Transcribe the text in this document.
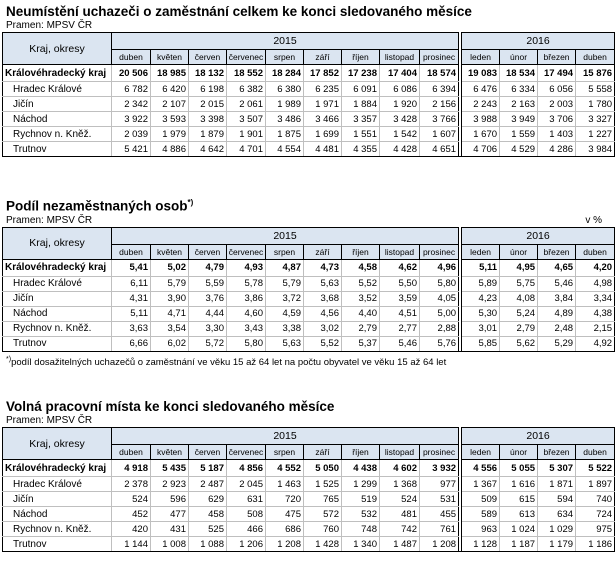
Neumístění uchazeči o zaměstnání celkem ke konci sledovaného měsíce
Pramen: MPSV ČR
Kraj, okresy	2015										2016			
	duben	květen	červen	červenec	srpen	září	říjen	listopad	prosinec		leden	únor	březen	duben
Královéhradecký kraj	20 506	18 985	18 132	18 552	18 284	17 852	17 238	17 404	18 574		19 083	18 534	17 494	15 876
Hradec Králové	6 782	6 420	6 198	6 382	6 380	6 235	6 091	6 086	6 394		6 476	6 334	6 056	5 558
Jičín	2 342	2 107	2 015	2 061	1 989	1 971	1 884	1 920	2 156		2 243	2 163	2 003	1 780
Náchod	3 922	3 593	3 398	3 507	3 486	3 466	3 357	3 428	3 766		3 988	3 949	3 706	3 327
Rychnov n. Kněž.	2 039	1 979	1 879	1 901	1 875	1 699	1 551	1 542	1 607		1 670	1 559	1 403	1 227
Trutnov	5 421	4 886	4 642	4 701	4 554	4 481	4 355	4 428	4 651		4 706	4 529	4 286	3 984
Podíl nezaměstnaných osob*)
Pramen: MPSV ČR	v %
Kraj, okresy	2015										2016			
	duben	květen	červen	červenec	srpen	září	říjen	listopad	prosinec		leden	únor	březen	duben
Královéhradecký kraj	5,41	5,02	4,79	4,93	4,87	4,73	4,58	4,62	4,96		5,11	4,95	4,65	4,20
Hradec Králové	6,11	5,79	5,59	5,78	5,79	5,63	5,52	5,50	5,80		5,89	5,75	5,46	4,98
Jičín	4,31	3,90	3,76	3,86	3,72	3,68	3,52	3,59	4,05		4,23	4,08	3,84	3,34
Náchod	5,11	4,71	4,44	4,60	4,59	4,56	4,40	4,51	5,00		5,30	5,24	4,89	4,38
Rychnov n. Kněž.	3,63	3,54	3,30	3,43	3,38	3,02	2,79	2,77	2,88		3,01	2,79	2,48	2,15
Trutnov	6,66	6,02	5,72	5,80	5,63	5,52	5,37	5,46	5,76		5,85	5,62	5,29	4,92
*)podíl dosažitelných uchazečů o zaměstnání ve věku 15 až 64 let na počtu obyvatel ve věku 15 až 64 let
Volná pracovní místa ke konci sledovaného měsíce
Pramen: MPSV ČR
Kraj, okresy	2015										2016			
	duben	květen	červen	červenec	srpen	září	říjen	listopad	prosinec		leden	únor	březen	duben
Královéhradecký kraj	4 918	5 435	5 187	4 856	4 552	5 050	4 438	4 602	3 932		4 556	5 055	5 307	5 522
Hradec Králové	2 378	2 923	2 487	2 045	1 463	1 525	1 299	1 368	977		1 367	1 616	1 871	1 897
Jičín	524	596	629	631	720	765	519	524	531		509	615	594	740
Náchod	452	477	458	508	475	572	532	481	455		589	613	634	724
Rychnov n. Kněž.	420	431	525	466	686	760	748	742	761		963	1 024	1 029	975
Trutnov	1 144	1 008	1 088	1 206	1 208	1 428	1 340	1 487	1 208		1 128	1 187	1 179	1 186
